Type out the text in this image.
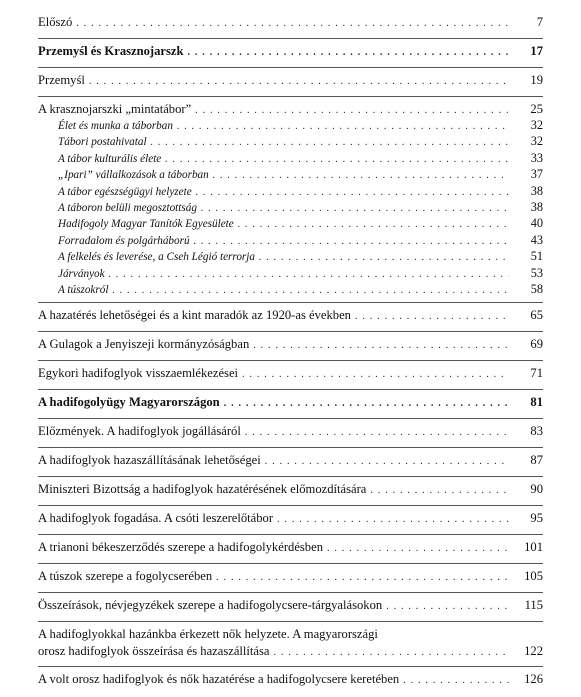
Előszó . . .	7
Przemyśl és Krasznojarszk . . .	17
Przemyśl . . .	19
A krasznojarszki „mintatábor” . . .	25
Élet és munka a táborban . . .	32
Tábori postahivatal . . .	32
A tábor kulturális élete . . .	33
„Ipari” vállalkozások a táborban . . .	37
A tábor egészségügyi helyzete . . .	38
A táboron belüli megosztottság . . .	38
Hadifogoly Magyar Tanítók Egyesülete . . .	40
Forradalom és polgárháború . . .	43
A felkelés és leverése, a Cseh Légió terrorja . . .	51
Járványok . . .	53
A túszokról . . .	58
A hazatérés lehetőségei és a kint maradók az 1920-as években . . .	65
A Gulagok a Jenyiszeji kormányzóságban . . .	69
Egykori hadifoglyok visszaemlékezései . . .	71
A hadifogolyügy Magyarországon . . .	81
Előzmények. A hadifoglyok jogállásáról . . .	83
A hadifoglyok hazaszállításának lehetőségei . . .	87
Miniszteri Bizottság a hadifoglyok hazatérésének előmozdítására . . .	90
A hadifoglyok fogadása. A csóti leszerelőtábor . . .	95
A trianoni békeszerződés szerepe a hadifogolykérdésben . . .	101
A túszok szerepe a fogolycserében . . .	105
Összeírások, névjegyzékek szerepe a hadifogolycsere-tárgyalásokon . . .	115
A hadifoglyokkal hazánkba érkezett nők helyzete. A magyarországi
orosz hadifoglyok összeírása és hazaszállítása . . .	122
A volt orosz hadifoglyok és nők hazatérése a hadifogolycsere keretében . . .	126
